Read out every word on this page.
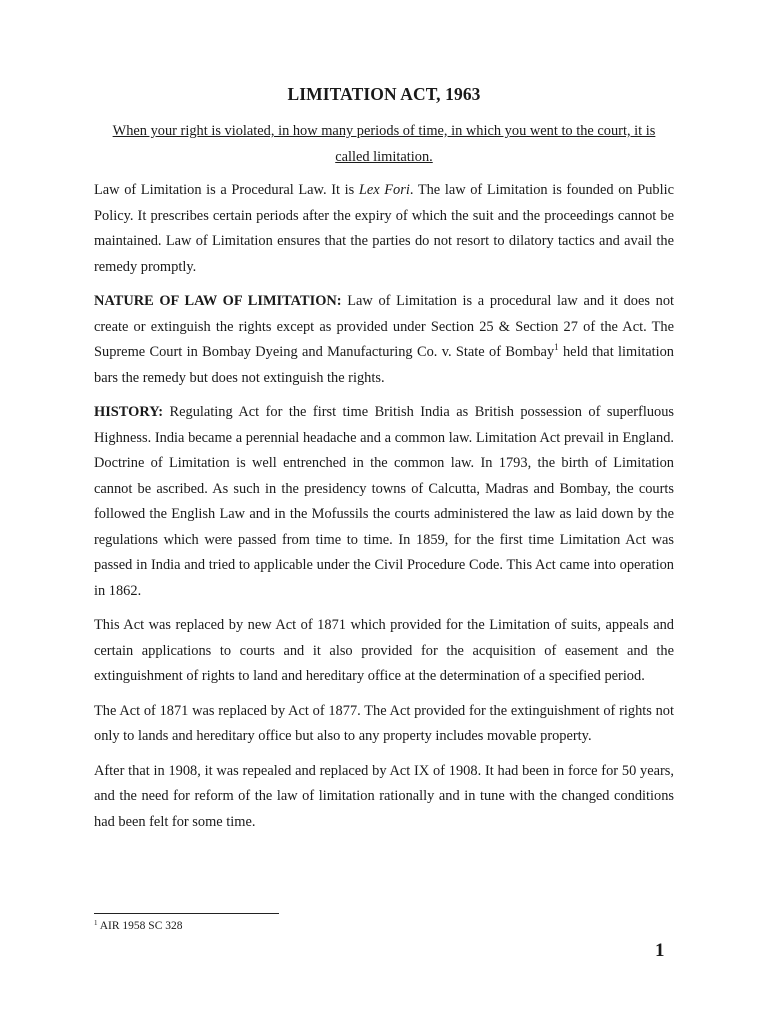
LIMITATION ACT, 1963
When your right is violated, in how many periods of time, in which you went to the court, it is called limitation.

Law of Limitation is a Procedural Law. It is Lex Fori. The law of Limitation is founded on Public Policy. It prescribes certain periods after the expiry of which the suit and the proceedings cannot be maintained. Law of Limitation ensures that the parties do not resort to dilatory tactics and avail the remedy promptly.

NATURE OF LAW OF LIMITATION: Law of Limitation is a procedural law and it does not create or extinguish the rights except as provided under Section 25 & Section 27 of the Act. The Supreme Court in Bombay Dyeing and Manufacturing Co. v. State of Bombay$^1$ held that limitation bars the remedy but does not extinguish the rights.

HISTORY: Regulating Act for the first time British India as British possession of superfluous Highness. India became a perennial headache and a common law. Limitation Act prevail in England. Doctrine of Limitation is well entrenched in the common law. In 1793, the birth of Limitation cannot be ascribed. As such in the presidency towns of Calcutta, Madras and Bombay, the courts followed the English Law and in the Mofussils the courts administered the law as laid down by the regulations which were passed from time to time. In 1859, for the first time Limitation Act was passed in India and tried to applicable under the Civil Procedure Code. This Act came into operation in 1862.

This Act was replaced by new Act of 1871 which provided for the Limitation of suits, appeals and certain applications to courts and it also provided for the acquisition of easement and the extinguishment of rights to land and hereditary office at the determination of a specified period.

The Act of 1871 was replaced by Act of 1877. The Act provided for the extinguishment of rights not only to lands and hereditary office but also to any property includes movable property.

After that in 1908, it was repealed and replaced by Act IX of 1908. It had been in force for 50 years, and the need for reform of the law of limitation rationally and in tune with the changed conditions had been felt for some time.

$^1$ AIR 1958 SC 328
1
